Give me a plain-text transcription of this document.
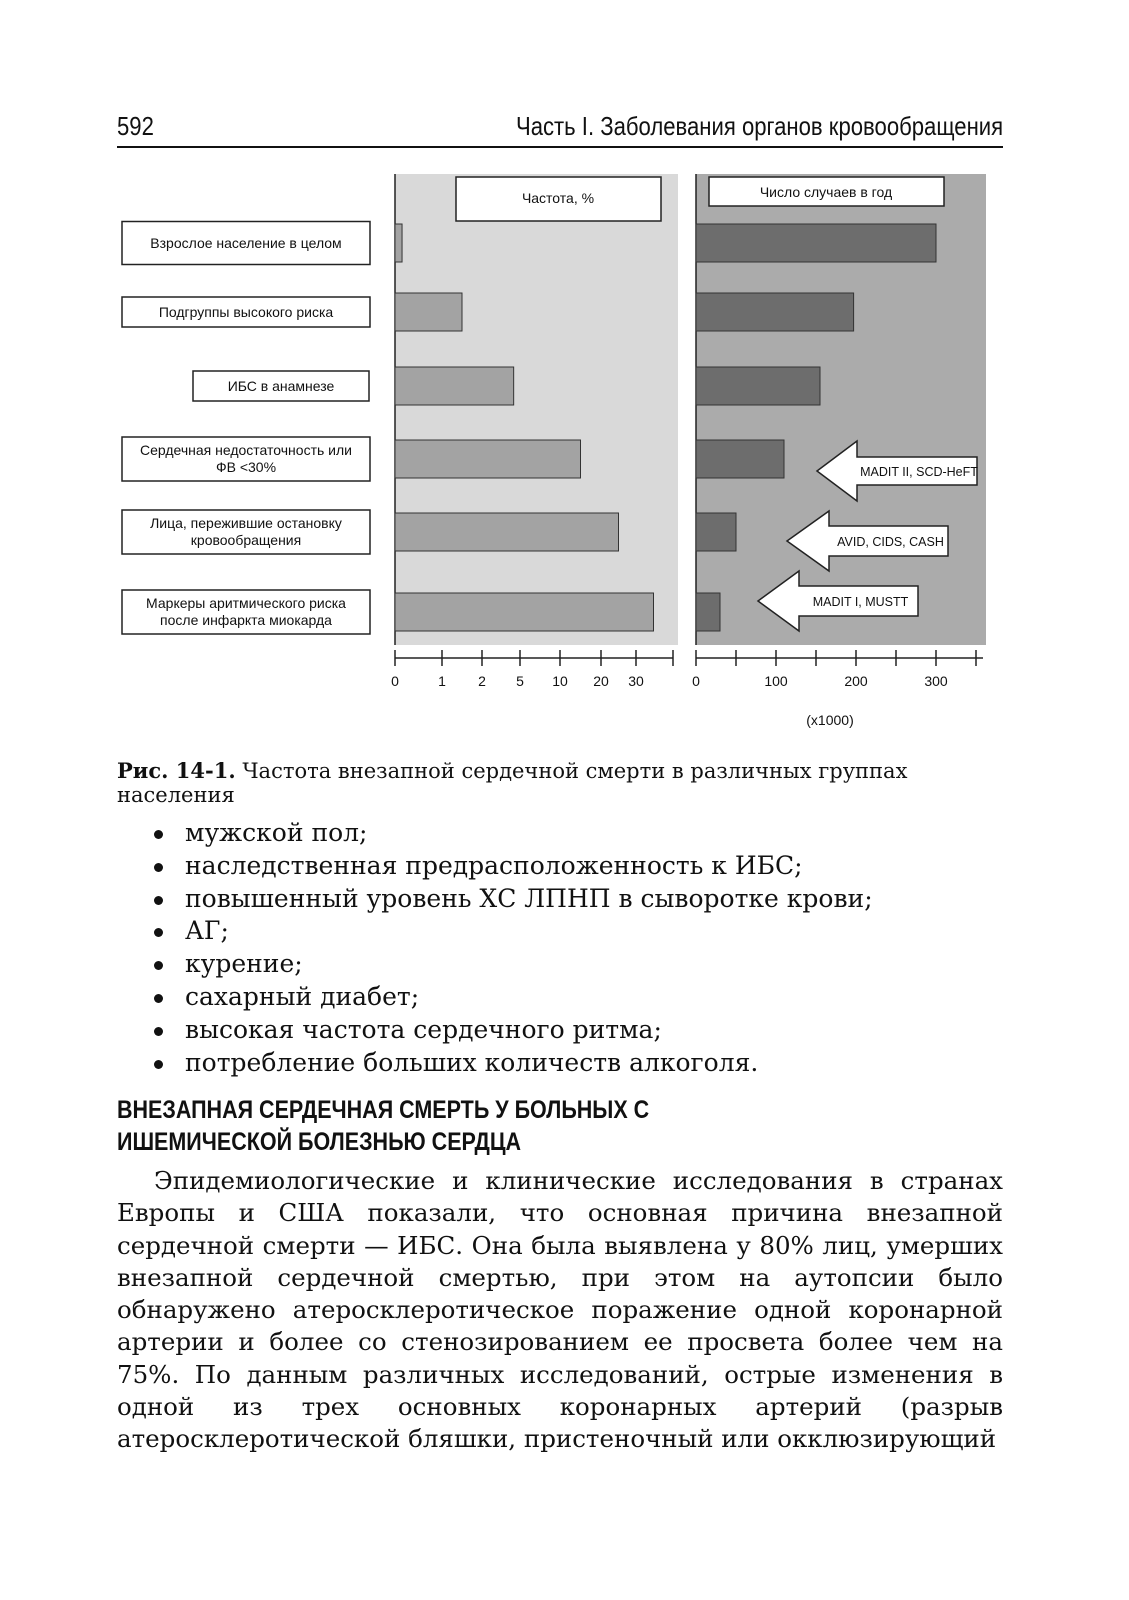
592	Часть I. Заболевания органов кровообращения
Частота, %	Число случаев в год
Взрослое население в целом
Подгруппы высокого риска
ИБС в анамнезе
Сердечная недостаточность или
ФВ <30%
Лица, пережившие остановку
кровообращения
Маркеры аритмического риска
после инфаркта миокарда
MADIT II, SCD-HeFT
AVID, CIDS, CASH
MADIT I, MUSTT
0	1 2 5 10 20 30	0	100	200	300
(x1000)
Рис. 14-1. Частота внезапной сердечной смерти в различных группах населения
мужской пол;
наследственная предрасположенность к ИБС;
повышенный уровень ХС ЛПНП в сыворотке крови;
АГ;
курение;
сахарный диабет;
высокая частота сердечного ритма;
потребление больших количеств алкоголя.
ВНЕЗАПНАЯ СЕРДЕЧНАЯ СМЕРТЬ У БОЛЬНЫХ С ИШЕМИЧЕСКОЙ БОЛЕЗНЬЮ СЕРДЦА

Эпидемиологические и клинические исследования в странах Европы и США показали, что основная причина внезапной сердечной смерти — ИБС. Она была выявлена у 80% лиц, умерших внезапной сердечной смертью, при этом на аутопсии было обнаружено атеросклеротическое поражение одной коронарной артерии и более со стенозированием ее просвета более чем на 75%. По данным различных исследований, острые изменения в одной из трех основных коронарных артерий (разрыв атеросклеротической бляшки, пристеночный или окклюзирующий
